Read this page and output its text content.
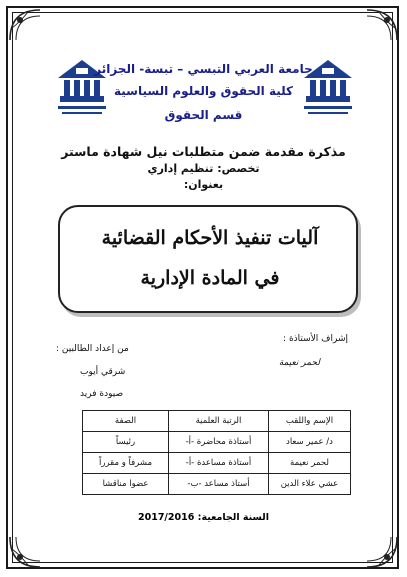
جامعة العربي التبسي – تبسة- الجزائر
كلية الحقوق والعلوم السياسية
قسم الحقوق
مذكرة مقدمة ضمن متطلبات نيل شهادة ماستر
تخصص: تنظيم إداري
بعنوان:
آليات تنفيذ الأحكام القضائية
في المادة الإدارية
إشراف الأستاذة :
لحمر نعيمة
من إعداد الطالبين :
شرقي أيوب
صيودة فريد
الإسم واللقب	الرتبة العلمية	الصفة
د/ عمير سعاد	أستاذة محاضرة -أ-	رئيساً
لحمر نعيمة	أستاذة مساعدة -أ-	مشرفاً و مقرراً
عشي علاء الدين	أستاذ مساعد -ب-	عضوا مناقشا
السنة الجامعية: 2017/2016
